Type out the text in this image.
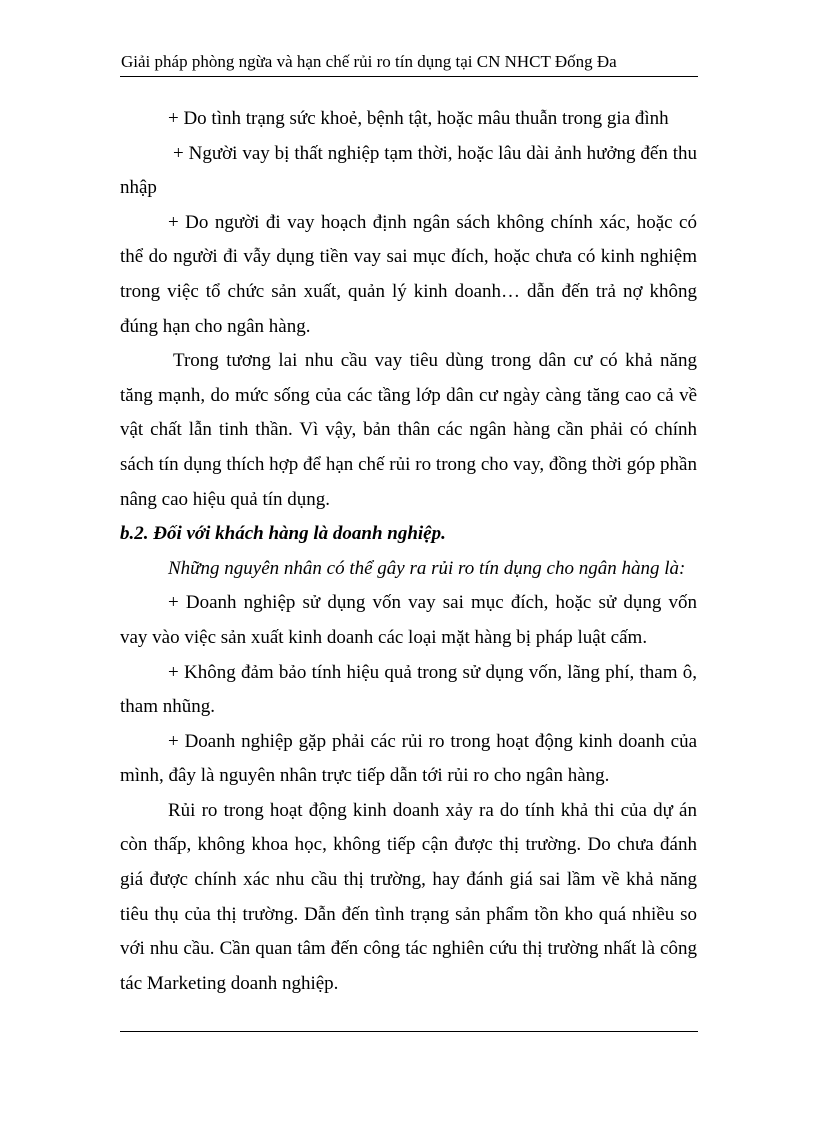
Giải pháp phòng ngừa và hạn chế rủi ro tín dụng tại CN NHCT Đống Đa

+ Do tình trạng sức khoẻ, bệnh tật, hoặc mâu thuẫn trong gia đình

+ Người vay bị thất nghiệp tạm thời, hoặc lâu dài ảnh hưởng đến thu nhập

+ Do người đi vay hoạch định ngân sách không chính xác, hoặc có thể do người đi vẫy dụng tiền vay sai mục đích, hoặc chưa có kinh nghiệm trong việc tổ chức sản xuất, quản lý kinh doanh… dẫn đến trả nợ không đúng hạn cho ngân hàng.

Trong tương lai nhu cầu vay tiêu dùng trong dân cư có khả năng tăng mạnh, do mức sống của các tầng lớp dân cư ngày càng tăng cao cả về vật chất lẫn tinh thần. Vì vậy, bản thân các ngân hàng cần phải có chính sách tín dụng thích hợp để hạn chế rủi ro trong cho vay, đồng thời góp phần nâng cao hiệu quả tín dụng.

b.2. Đối với khách hàng là doanh nghiệp.

Những nguyên nhân có thể gây ra rủi ro tín dụng cho ngân hàng là:

+ Doanh nghiệp sử dụng vốn vay sai mục đích, hoặc sử dụng vốn vay vào việc sản xuất kinh doanh các loại mặt hàng bị pháp luật cấm.

+ Không đảm bảo tính hiệu quả trong sử dụng vốn, lãng phí, tham ô, tham nhũng.

+ Doanh nghiệp gặp phải các rủi ro trong hoạt động kinh doanh của mình, đây là nguyên nhân trực tiếp dẫn tới rủi ro cho ngân hàng.

Rủi ro trong hoạt động kinh doanh xảy ra do tính khả thi của dự án còn thấp, không khoa học, không tiếp cận được thị trường. Do chưa đánh giá được chính xác nhu cầu thị trường, hay đánh giá sai lầm về khả năng tiêu thụ của thị trường. Dẫn đến tình trạng sản phẩm tồn kho quá nhiều so với nhu cầu. Cần quan tâm đến công tác nghiên cứu thị trường nhất là công tác Marketing doanh nghiệp.
